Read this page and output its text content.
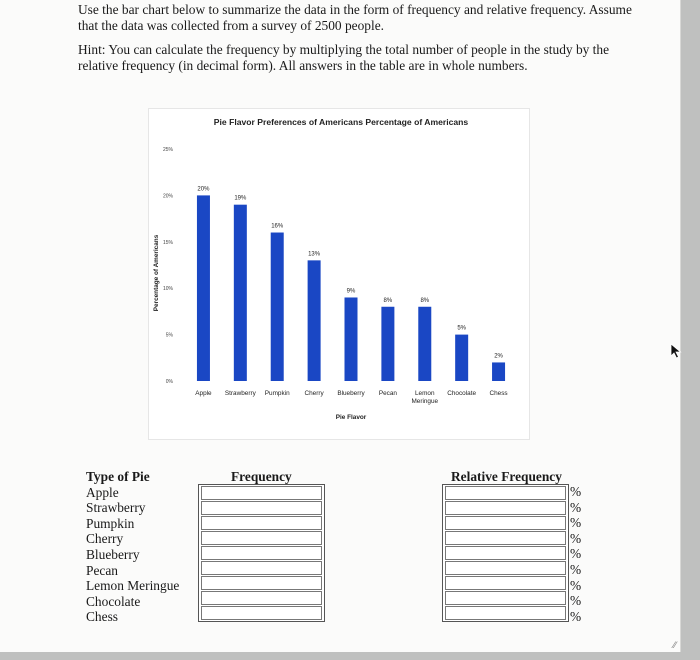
Use the bar chart below to summarize the data in the form of frequency and relative frequency. Assume that the data was collected from a survey of 2500 people.

Hint: You can calculate the frequency by multiplying the total number of people in the study by the relative frequency (in decimal form). All answers in the table are in whole numbers.

Pie Flavor Preferences of Americans Percentage of Americans
0%
5%
10%
15%
20%
25%
Percentage of Americans
20%
Apple
19%
Strawberry
16%
Pumpkin
13%
Cherry
9%
Blueberry
8%
Pecan
8%
Lemon
Meringue
5%
Chocolate
2%
Chess
Pie Flavor
Type of Pie
Apple
Strawberry
Pumpkin
Cherry
Blueberry
Pecan
Lemon Meringue
Chocolate
Chess
Frequency	Relative Frequency
%
%
%
%
%
%
%
%
%
⁄⁄
